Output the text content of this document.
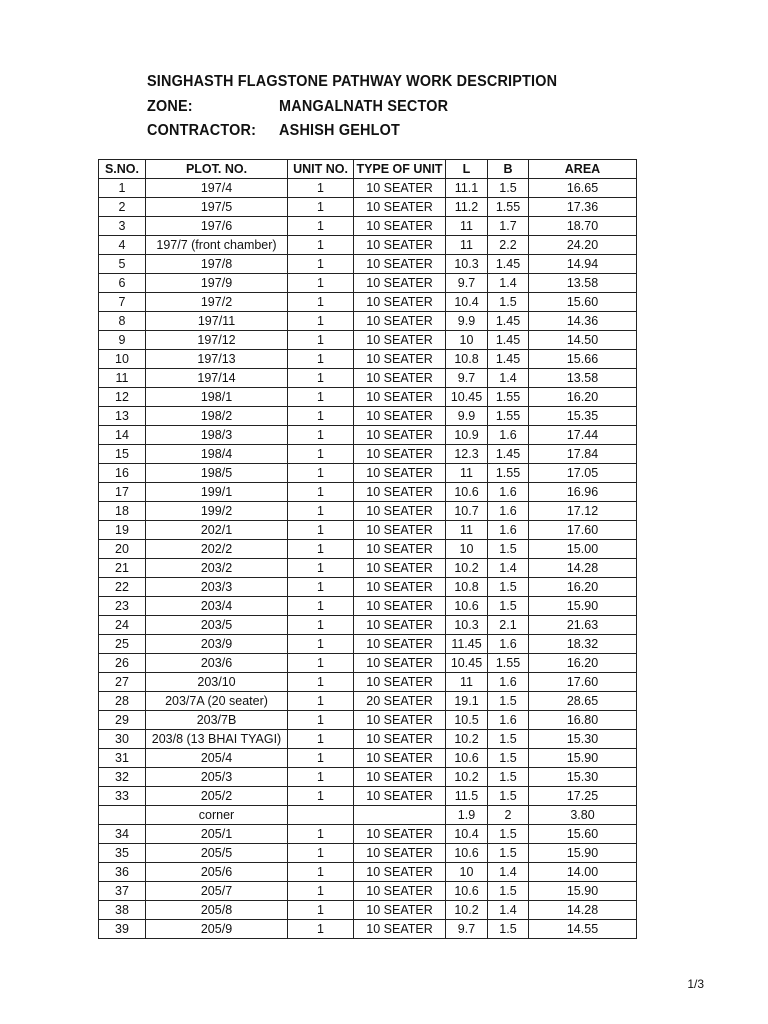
SINGHASTH FLAGSTONE PATHWAY WORK DESCRIPTION
ZONE:	MANGALNATH SECTOR
CONTRACTOR: ASHISH GEHLOT
S.NO.	PLOT. NO.	UNIT NO.	TYPE OF UNIT	L	B	AREA
1	197/4	1	10 SEATER	11.1	1.5	16.65
2	197/5	1	10 SEATER	11.2	1.55	17.36
3	197/6	1	10 SEATER	11	1.7	18.70
4	197/7 (front chamber)	1	10 SEATER	11	2.2	24.20
5	197/8	1	10 SEATER	10.3	1.45	14.94
6	197/9	1	10 SEATER	9.7	1.4	13.58
7	197/2	1	10 SEATER	10.4	1.5	15.60
8	197/11	1	10 SEATER	9.9	1.45	14.36
9	197/12	1	10 SEATER	10	1.45	14.50
10	197/13	1	10 SEATER	10.8	1.45	15.66
11	197/14	1	10 SEATER	9.7	1.4	13.58
12	198/1	1	10 SEATER	10.45	1.55	16.20
13	198/2	1	10 SEATER	9.9	1.55	15.35
14	198/3	1	10 SEATER	10.9	1.6	17.44
15	198/4	1	10 SEATER	12.3	1.45	17.84
16	198/5	1	10 SEATER	11	1.55	17.05
17	199/1	1	10 SEATER	10.6	1.6	16.96
18	199/2	1	10 SEATER	10.7	1.6	17.12
19	202/1	1	10 SEATER	11	1.6	17.60
20	202/2	1	10 SEATER	10	1.5	15.00
21	203/2	1	10 SEATER	10.2	1.4	14.28
22	203/3	1	10 SEATER	10.8	1.5	16.20
23	203/4	1	10 SEATER	10.6	1.5	15.90
24	203/5	1	10 SEATER	10.3	2.1	21.63
25	203/9	1	10 SEATER	11.45	1.6	18.32
26	203/6	1	10 SEATER	10.45	1.55	16.20
27	203/10	1	10 SEATER	11	1.6	17.60
28	203/7A (20 seater)	1	20 SEATER	19.1	1.5	28.65
29	203/7B	1	10 SEATER	10.5	1.6	16.80
30	203/8 (13 BHAI TYAGI)	1	10 SEATER	10.2	1.5	15.30
31	205/4	1	10 SEATER	10.6	1.5	15.90
32	205/3	1	10 SEATER	10.2	1.5	15.30
33	205/2	1	10 SEATER	11.5	1.5	17.25
	corner			1.9	2	3.80
34	205/1	1	10 SEATER	10.4	1.5	15.60
35	205/5	1	10 SEATER	10.6	1.5	15.90
36	205/6	1	10 SEATER	10	1.4	14.00
37	205/7	1	10 SEATER	10.6	1.5	15.90
38	205/8	1	10 SEATER	10.2	1.4	14.28
39	205/9	1	10 SEATER	9.7	1.5	14.55
1/3
